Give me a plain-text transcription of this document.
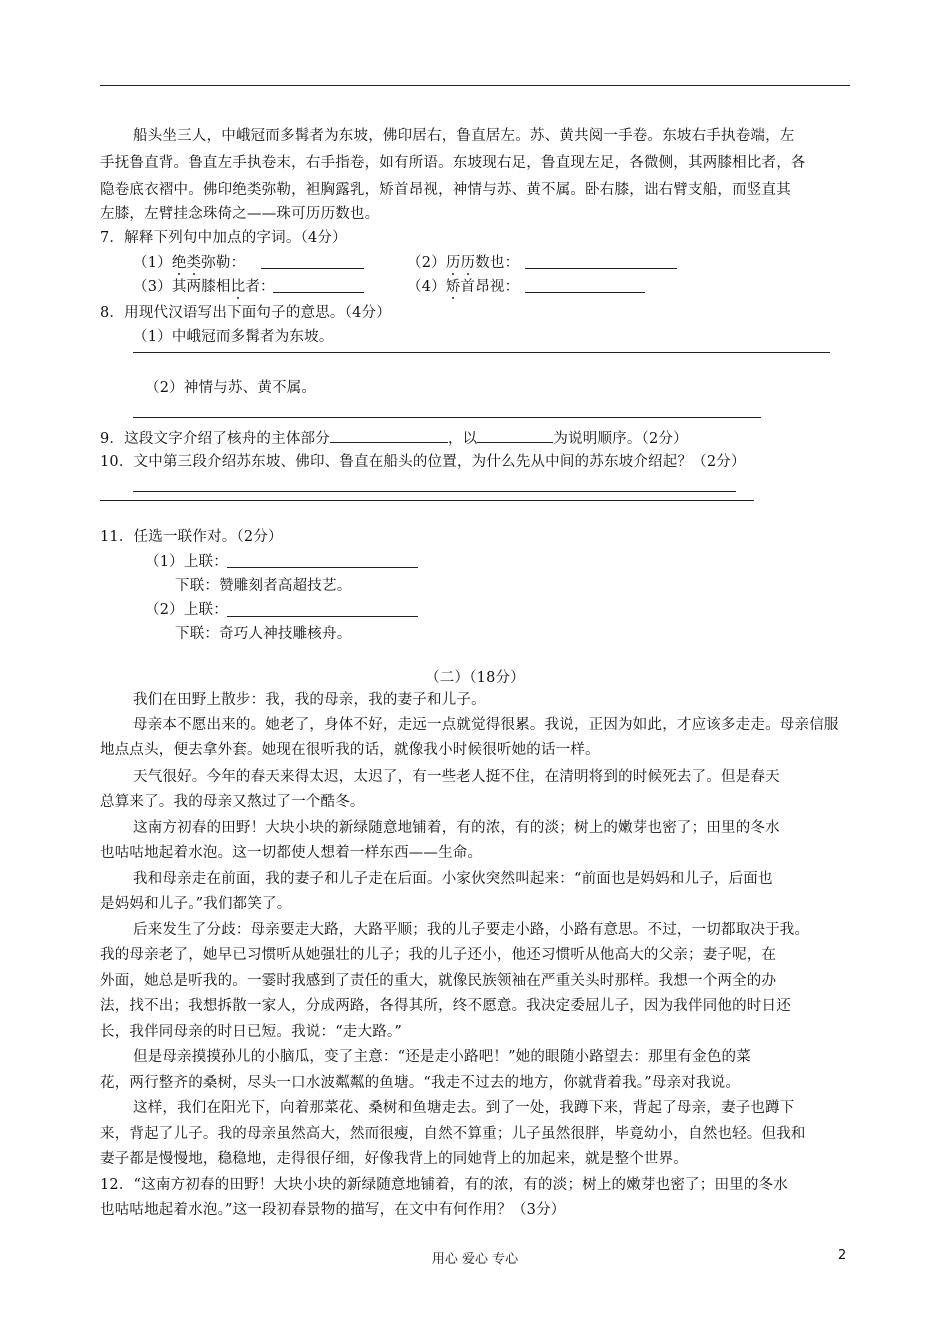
船头坐三人，中峨冠而多髯者为东坡，佛印居右，鲁直居左。苏、黄共阅一手卷。东坡右手执卷端，左
手抚鲁直背。鲁直左手执卷末，右手指卷，如有所语。东坡现右足，鲁直现左足，各微侧，其两膝相比者，各
隐卷底衣褶中。佛印绝类弥勒，袒胸露乳，矫首昂视，神情与苏、黄不属。卧右膝，诎右臂支船，而竖直其
左膝，左臂挂念珠倚之——珠可历历数也。
7．解释下列句中加点的字词。（4分）
（1）绝类弥勒：	（2）历历数也：
（3）其两膝相比者：	（4）矫首昂视：
8．用现代汉语写出下面句子的意思。（4分）
（1）中峨冠而多髯者为东坡。
（2）神情与苏、黄不属。
9．这段文字介绍了核舟的主体部分	，以	为说明顺序。（2分）
10．文中第三段介绍苏东坡、佛印、鲁直在船头的位置，为什么先从中间的苏东坡介绍起？（2分）
11．任选一联作对。（2分）
（1）上联：
下联：赞雕刻者高超技艺。
（2）上联：
下联：奇巧人神技雕核舟。
（二）（18分）
我们在田野上散步：我，我的母亲，我的妻子和儿子。
母亲本不愿出来的。她老了，身体不好，走远一点就觉得很累。我说，正因为如此，才应该多走走。母亲信服
地点点头，便去拿外套。她现在很听我的话，就像我小时候很听她的话一样。
天气很好。今年的春天来得太迟，太迟了，有一些老人挺不住，在清明将到的时候死去了。但是春天
总算来了。我的母亲又熬过了一个酷冬。
这南方初春的田野！大块小块的新绿随意地铺着，有的浓，有的淡；树上的嫩芽也密了；田里的冬水
也咕咕地起着水泡。这一切都使人想着一样东西——生命。
我和母亲走在前面，我的妻子和儿子走在后面。小家伙突然叫起来：“前面也是妈妈和儿子，后面也
是妈妈和儿子。”我们都笑了。
后来发生了分歧：母亲要走大路，大路平顺；我的儿子要走小路，小路有意思。不过，一切都取决于我。
我的母亲老了，她早已习惯听从她强壮的儿子；我的儿子还小，他还习惯听从他高大的父亲；妻子呢，在
外面，她总是听我的。一霎时我感到了责任的重大，就像民族领袖在严重关头时那样。我想一个两全的办
法，找不出；我想拆散一家人，分成两路，各得其所，终不愿意。我决定委屈儿子，因为我伴同他的时日还
长，我伴同母亲的时日已短。我说：“走大路。”
但是母亲摸摸孙儿的小脑瓜，变了主意：“还是走小路吧！”她的眼随小路望去：那里有金色的菜
花，两行整齐的桑树，尽头一口水波粼粼的鱼塘。“我走不过去的地方，你就背着我。”母亲对我说。
这样，我们在阳光下，向着那菜花、桑树和鱼塘走去。到了一处，我蹲下来，背起了母亲，妻子也蹲下
来，背起了儿子。我的母亲虽然高大，然而很瘦，自然不算重；儿子虽然很胖，毕竟幼小，自然也轻。但我和
妻子都是慢慢地，稳稳地，走得很仔细，好像我背上的同她背上的加起来，就是整个世界。
12．“这南方初春的田野！大块小块的新绿随意地铺着，有的浓，有的淡；树上的嫩芽也密了；田里的冬水
也咕咕地起着水泡。”这一段初春景物的描写，在文中有何作用？（3分）
用心 爱心 专心	2
